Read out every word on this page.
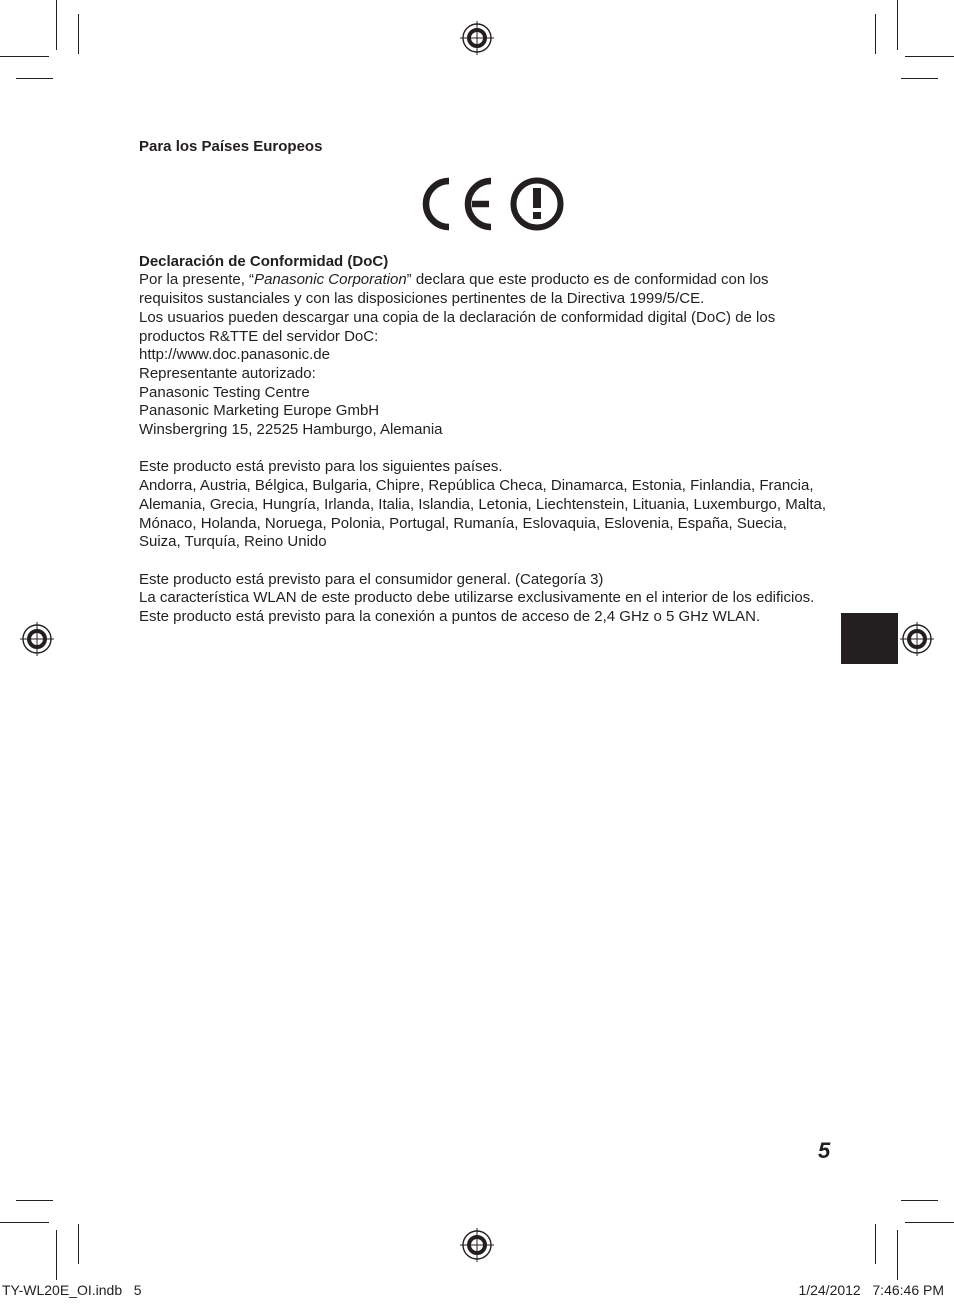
Para los Países Europeos

Declaración de Conformidad (DoC)

Por la presente, “Panasonic Corporation” declara que este producto es de conformidad con los requisitos sustanciales y con las disposiciones pertinentes de la Directiva 1999/5/CE.

Los usuarios pueden descargar una copia de la declaración de conformidad digital (DoC) de los productos R&TTE del servidor DoC:

http://www.doc.panasonic.de

Representante autorizado:

Panasonic Testing Centre

Panasonic Marketing Europe GmbH

Winsbergring 15, 22525 Hamburgo, Alemania

Este producto está previsto para los siguientes países.

Andorra, Austria, Bélgica, Bulgaria, Chipre, República Checa, Dinamarca, Estonia, Finlandia, Francia, Alemania, Grecia, Hungría, Irlanda, Italia, Islandia, Letonia, Liechtenstein, Lituania, Luxemburgo, Malta, Mónaco, Holanda, Noruega, Polonia, Portugal, Rumanía, Eslovaquia, Eslovenia, España, Suecia, Suiza, Turquía, Reino Unido

Este producto está previsto para el consumidor general. (Categoría 3)

La característica WLAN de este producto debe utilizarse exclusivamente en el interior de los edificios.

Este producto está previsto para la conexión a puntos de acceso de 2,4 GHz o 5 GHz WLAN.

5
TY-WL20E_OI.indb   5	1/24/2012   7:46:46 PM
